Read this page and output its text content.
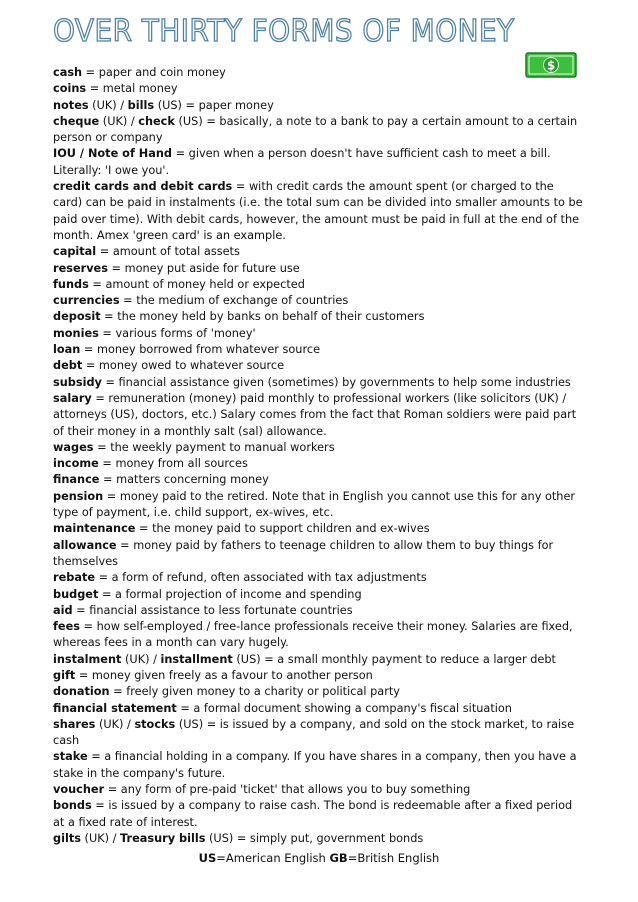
OVER THIRTY FORMS OF MONEY
$

cash = paper and coin money

coins = metal money

notes (UK) / bills (US) = paper money

cheque (UK) / check (US) = basically, a note to a bank to pay a certain amount to a certain person or company

IOU / Note of Hand = given when a person doesn't have sufficient cash to meet a bill. Literally: 'I owe you'.

credit cards and debit cards = with credit cards the amount spent (or charged to the card) can be paid in instalments (i.e. the total sum can be divided into smaller amounts to be paid over time). With debit cards, however, the amount must be paid in full at the end of the month. Amex 'green card' is an example.

capital = amount of total assets

reserves = money put aside for future use

funds = amount of money held or expected

currencies = the medium of exchange of countries

deposit = the money held by banks on behalf of their customers

monies = various forms of 'money'

loan = money borrowed from whatever source

debt = money owed to whatever source

subsidy = financial assistance given (sometimes) by governments to help some industries

salary = remuneration (money) paid monthly to professional workers (like solicitors (UK) / attorneys (US), doctors, etc.) Salary comes from the fact that Roman soldiers were paid part of their money in a monthly salt (sal) allowance.

wages = the weekly payment to manual workers

income = money from all sources

finance = matters concerning money

pension = money paid to the retired. Note that in English you cannot use this for any other type of payment, i.e. child support, ex-wives, etc.

maintenance = the money paid to support children and ex-wives

allowance = money paid by fathers to teenage children to allow them to buy things for themselves

rebate = a form of refund, often associated with tax adjustments

budget = a formal projection of income and spending

aid = financial assistance to less fortunate countries

fees = how self-employed / free-lance professionals receive their money. Salaries are fixed, whereas fees in a month can vary hugely.

instalment (UK) / installment (US) = a small monthly payment to reduce a larger debt

gift = money given freely as a favour to another person

donation = freely given money to a charity or political party

financial statement = a formal document showing a company's fiscal situation

shares (UK) / stocks (US) = is issued by a company, and sold on the stock market, to raise cash

stake = a financial holding in a company. If you have shares in a company, then you have a stake in the company's future.

voucher = any form of pre-paid 'ticket' that allows you to buy something

bonds = is issued by a company to raise cash. The bond is redeemable after a fixed period at a fixed rate of interest.

gilts (UK) / Treasury bills (US) = simply put, government bonds

US=American English GB=British English
